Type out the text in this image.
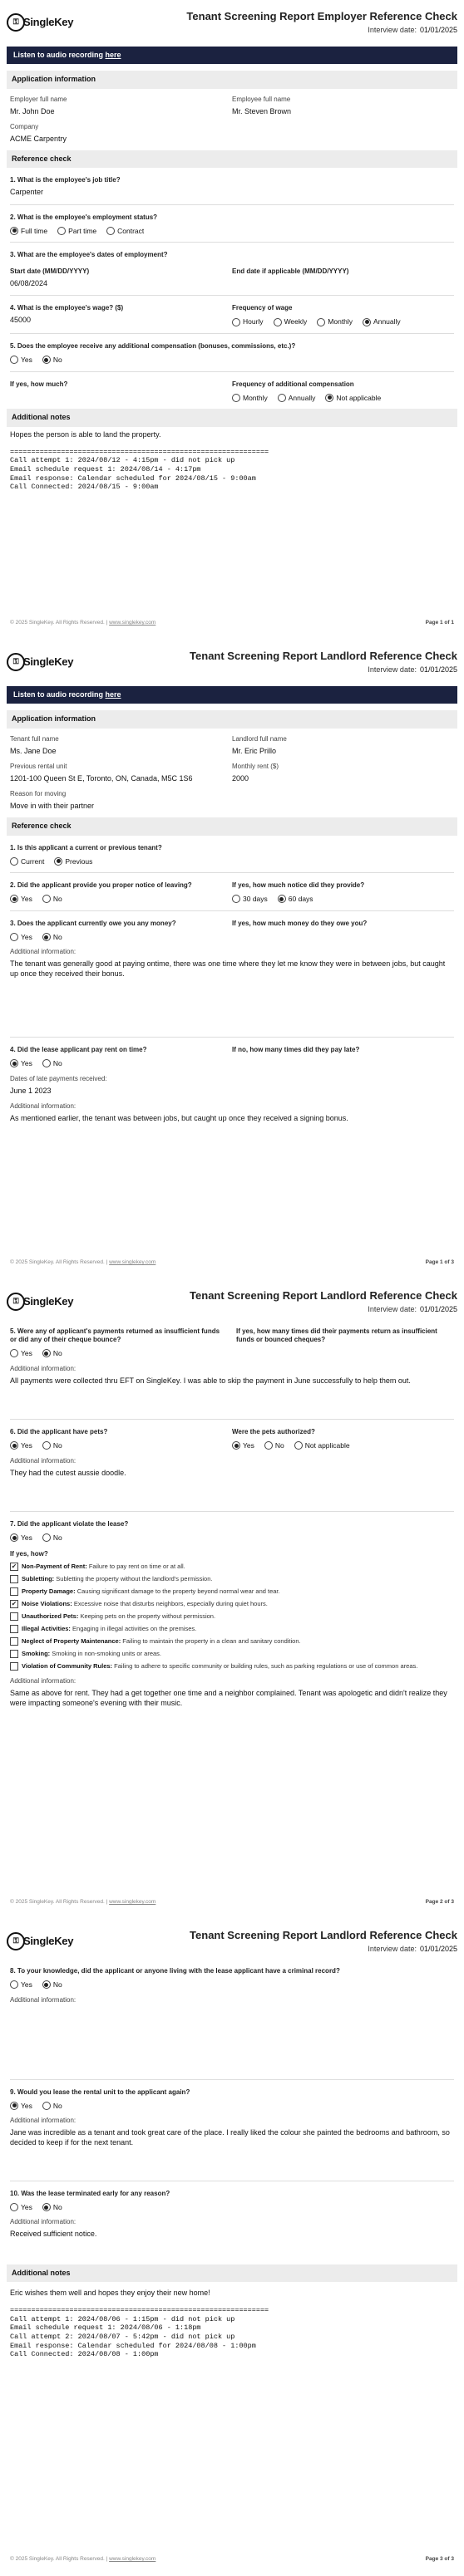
⚿ SingleKey	Tenant Screening Report Employer Reference Check
Interview date: 01/01/2025
Listen to audio recording here
Application information
Employer full name
Mr. John Doe
Employee full name
Mr. Steven Brown
Company
ACME Carpentry
Reference check
1. What is the employee's job title?
Carpenter
2. What is the employee's employment status?
Full time	Part time	Contract
3. What are the employee's dates of employment?
Start date (MM/DD/YYYY)
06/08/2024
End date if applicable (MM/DD/YYYY)
4. What is the employee's wage? ($)
45000
Frequency of wage
Hourly	Weekly	Monthly	Annually
5. Does the employee receive any additional compensation (bonuses, commissions, etc.)?
Yes	No
If yes, how much?	Frequency of additional compensation
Monthly	Annually	Not applicable
Additional notes
Hopes the person is able to land the property.
=============================================================
Call attempt 1: 2024/08/12 - 4:15pm - did not pick up
Email schedule request 1: 2024/08/14 - 4:17pm
Email response: Calendar scheduled for 2024/08/15 - 9:00am
Call Connected: 2024/08/15 - 9:00am
© 2025 SingleKey. All Rights Reserved. | www.singlekey.com	Page 1 of 1
⚿ SingleKey	Tenant Screening Report Landlord Reference Check
Interview date: 01/01/2025
Listen to audio recording here
Application information
Tenant full name
Ms. Jane Doe
Landlord full name
Mr. Eric Prillo
Previous rental unit
1201-100 Queen St E, Toronto, ON, Canada, M5C 1S6
Monthly rent ($)
2000
Reason for moving
Move in with their partner
Reference check
1. Is this applicant a current or previous tenant?
Current	Previous
2. Did the applicant provide you proper notice of leaving?
Yes	No
If yes, how much notice did they provide?
30 days	60 days
3. Does the applicant currently owe you any money?
Yes	No
If yes, how much money do they owe you?
Additional information:
The tenant was generally good at paying ontime, there was one time where they let me know they were in between jobs, but caught up once they received their bonus.
4. Did the lease applicant pay rent on time?
Yes	No
If no, how many times did they pay late?
Dates of late payments received:
June 1 2023
Additional information:
As mentioned earlier, the tenant was between jobs, but caught up once they received a signing bonus.
© 2025 SingleKey. All Rights Reserved. | www.singlekey.com	Page 1 of 3
⚿ SingleKey	Tenant Screening Report Landlord Reference Check
Interview date: 01/01/2025
5. Were any of applicant's payments returned as insufficient funds or did any of their cheque bounce?
Yes	No
If yes, how many times did their payments return as insufficient funds or bounced cheques?
Additional information:
All payments were collected thru EFT on SingleKey. I was able to skip the payment in June successfully to help them out.
6. Did the applicant have pets?
Yes	No
Were the pets authorized?
Yes	No	Not applicable
Additional information:
They had the cutest aussie doodle.
7. Did the applicant violate the lease?
Yes	No
If yes, how?
✔ Non-Payment of Rent: Failure to pay rent on time or at all.
Subletting: Subletting the property without the landlord's permission.
Property Damage: Causing significant damage to the property beyond normal wear and tear.
✔ Noise Violations: Excessive noise that disturbs neighbors, especially during quiet hours.
Unauthorized Pets: Keeping pets on the property without permission.
Illegal Activities: Engaging in illegal activities on the premises.
Neglect of Property Maintenance: Failing to maintain the property in a clean and sanitary condition.
Smoking: Smoking in non-smoking units or areas.
Violation of Community Rules: Failing to adhere to specific community or building rules, such as parking regulations or use of common areas.
Additional information:
Same as above for rent. They had a get together one time and a neighbor complained. Tenant was apologetic and didn't realize they were impacting someone's evening with their music.
© 2025 SingleKey. All Rights Reserved. | www.singlekey.com	Page 2 of 3
⚿ SingleKey	Tenant Screening Report Landlord Reference Check
Interview date: 01/01/2025
8. To your knowledge, did the applicant or anyone living with the lease applicant have a criminal record?
Yes	No
Additional information:
9. Would you lease the rental unit to the applicant again?
Yes	No
Additional information:
Jane was incredible as a tenant and took great care of the place. I really liked the colour she painted the bedrooms and bathroom, so decided to keep if for the next tenant.
10. Was the lease terminated early for any reason?
Yes	No
Additional information:
Received sufficient notice.
Additional notes
Eric wishes them well and hopes they enjoy their new home!
=============================================================
Call attempt 1: 2024/08/06 - 1:15pm - did not pick up
Email schedule request 1: 2024/08/06 - 1:18pm
Call attempt 2: 2024/08/07 - 5:42pm - did not pick up
Email response: Calendar scheduled for 2024/08/08 - 1:00pm
Call Connected: 2024/08/08 - 1:00pm
© 2025 SingleKey. All Rights Reserved. | www.singlekey.com	Page 3 of 3
